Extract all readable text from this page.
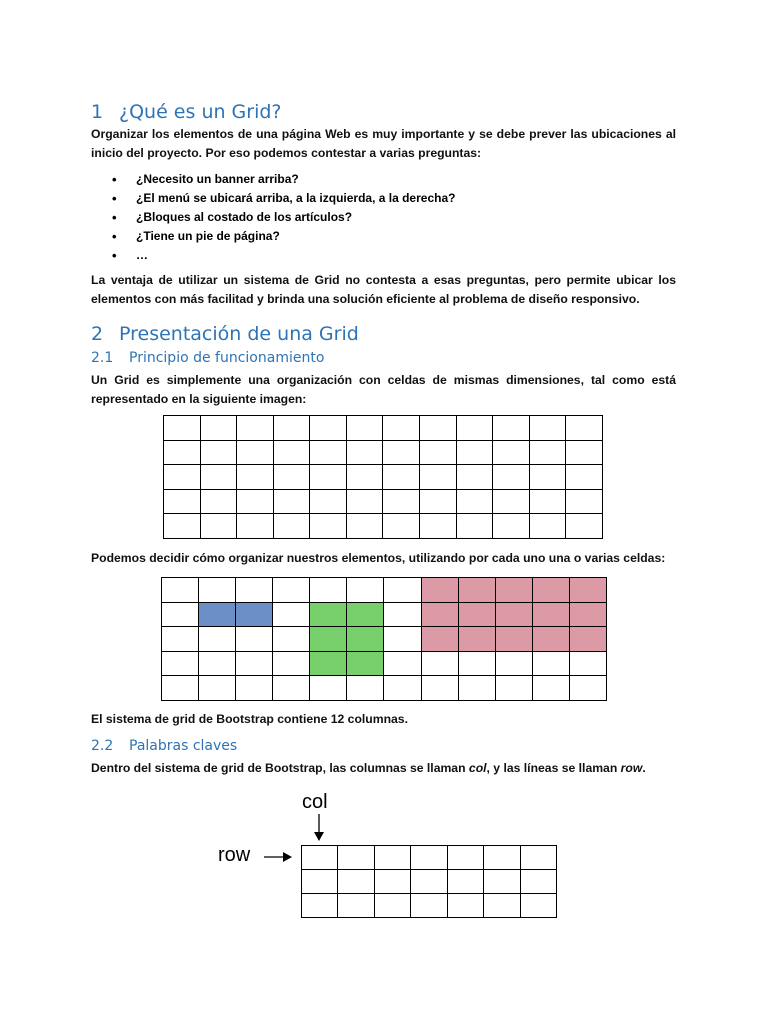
1 ¿Qué es un Grid?

Organizar los elementos de una página Web es muy importante y se debe prever las ubicaciones al inicio del proyecto. Por eso podemos contestar a varias preguntas:

• ¿Necesito un banner arriba?
• ¿El menú se ubicará arriba, a la izquierda, a la derecha?
• ¿Bloques al costado de los artículos?
• ¿Tiene un pie de página?
• …

La ventaja de utilizar un sistema de Grid no contesta a esas preguntas, pero permite ubicar los elementos con más facilitad y brinda una solución eficiente al problema de diseño responsivo.

2 Presentación de una Grid
2.1 Principio de funcionamiento

Un Grid es simplemente una organización con celdas de mismas dimensiones, tal como está representado en la siguiente imagen:

Podemos decidir cómo organizar nuestros elementos, utilizando por cada uno una o varias celdas:

El sistema de grid de Bootstrap contiene 12 columnas.

2.2 Palabras claves

Dentro del sistema de grid de Bootstrap, las columnas se llaman col, y las líneas se llaman row.

col
row
